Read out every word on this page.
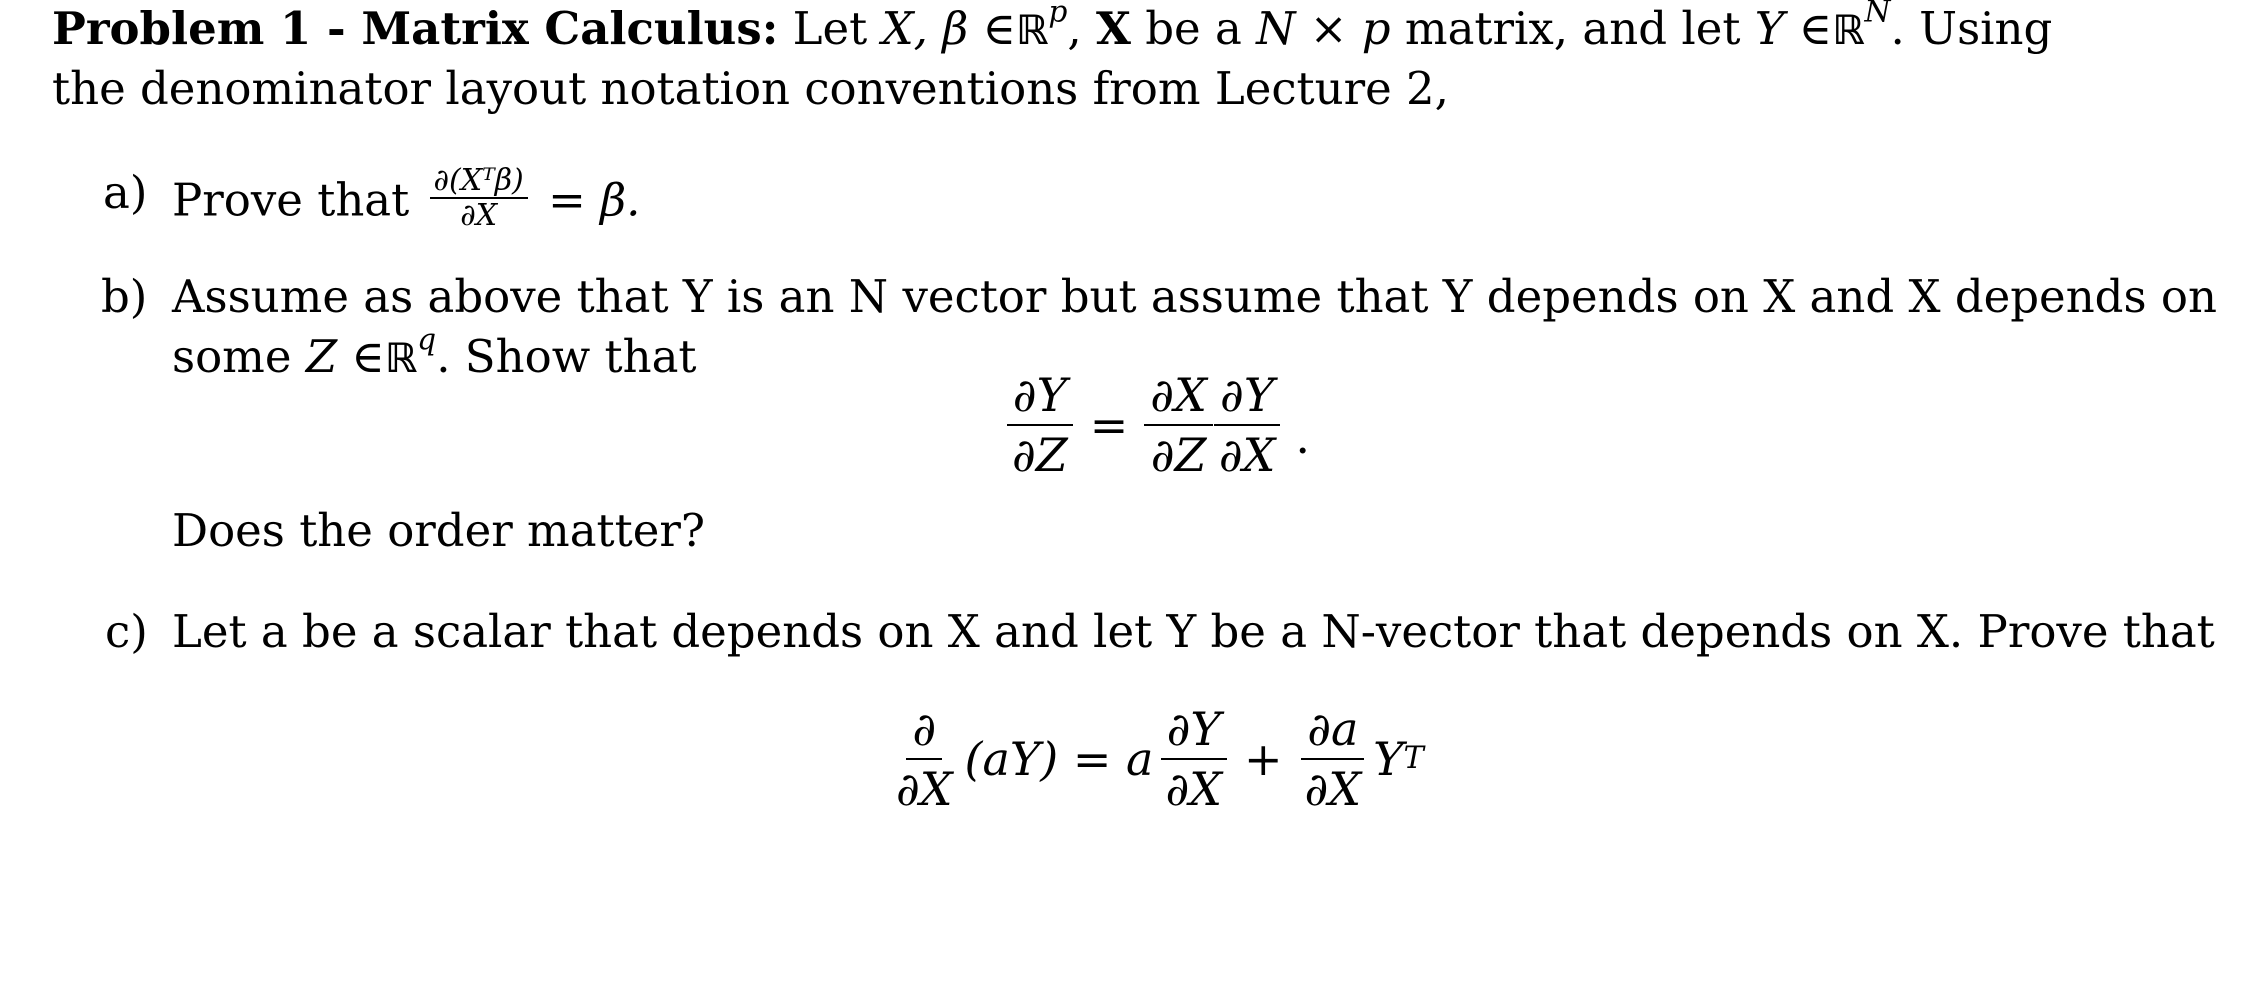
Problem 1 - Matrix Calculus: Let X, β ∈ℝ$^p$, X be a N × p matrix, and let Y ∈ℝ$^N$. Using
the denominator layout notation conventions from Lecture 2,
a) Prove that $\frac{\text{∂(Xᵀβ)}}{\partial X} = \beta$.
b) Assume as above that Y is an N vector but assume that Y depends on X and X depends on
some Z ∈ℝ$^q$. Show that
$\frac{\partial Y}{\partial Z} = \frac{\partial X}{\partial Z} \frac{\partial Y}{\partial X}$ .
Does the order matter?
c) Let a be a scalar that depends on X and let Y be a N-vector that depends on X. Prove that
$\frac{\partial}{\partial X} (aY) = a \frac{\partial Y}{\partial X} + \frac{\partial a}{\partial X}$ Y T
